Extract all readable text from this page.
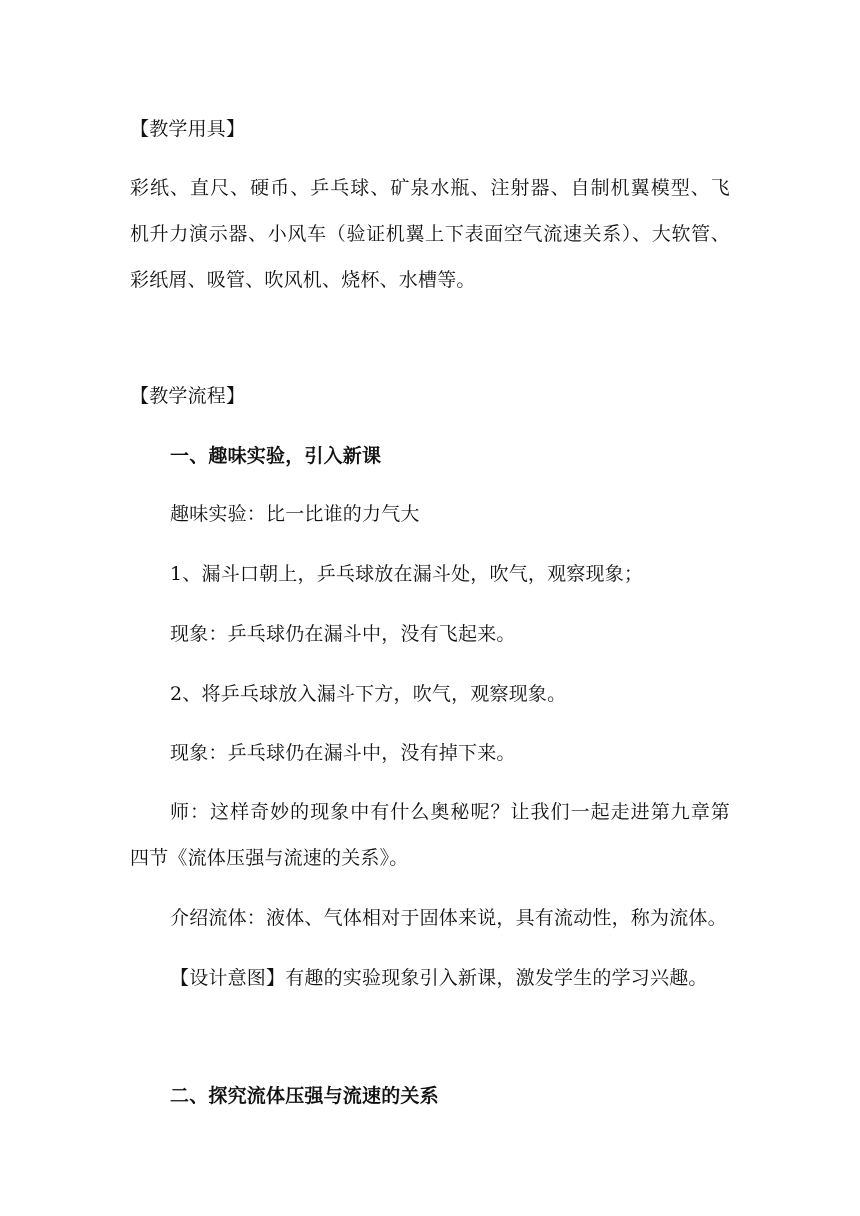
【教学用具】
彩纸、直尺、硬币、乒乓球、矿泉水瓶、注射器、自制机翼模型、飞
机升力演示器、小风车（验证机翼上下表面空气流速关系）、大软管、
彩纸屑、吸管、吹风机、烧杯、水槽等。
【教学流程】
一、趣味实验，引入新课
趣味实验：比一比谁的力气大
1、漏斗口朝上，乒乓球放在漏斗处，吹气，观察现象；
现象：乒乓球仍在漏斗中，没有飞起来。
2、将乒乓球放入漏斗下方，吹气，观察现象。
现象：乒乓球仍在漏斗中，没有掉下来。
师：这样奇妙的现象中有什么奥秘呢？让我们一起走进第九章第
四节《流体压强与流速的关系》。
介绍流体：液体、气体相对于固体来说，具有流动性，称为流体。
【设计意图】有趣的实验现象引入新课，激发学生的学习兴趣。
二、探究流体压强与流速的关系
